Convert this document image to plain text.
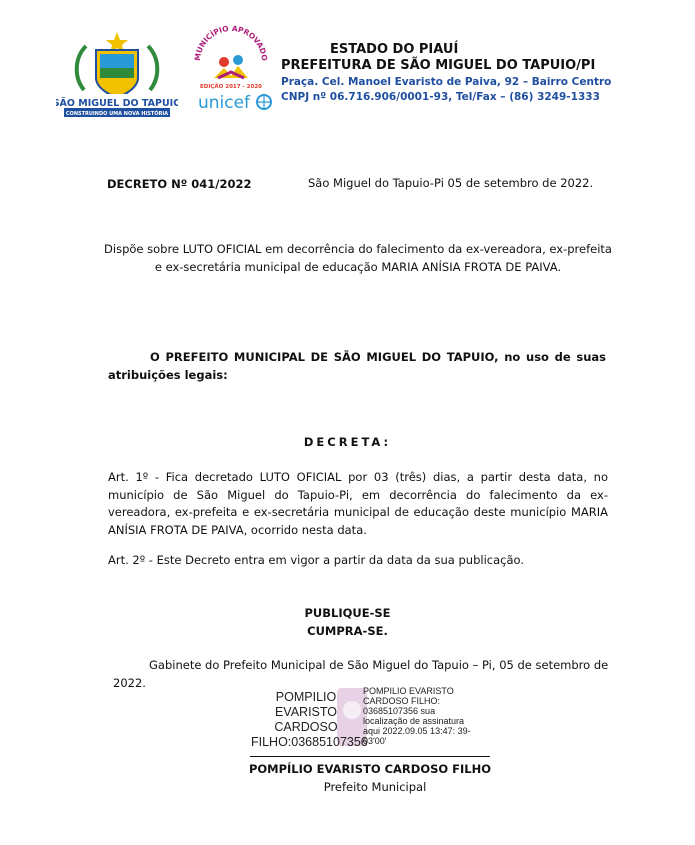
SÃO MIGUEL DO TAPUIO
CONSTRUINDO UMA NOVA HISTÓRIA
MUNICÍPIO APROVADO
EDIÇÃO 2017 - 2020
unicef
ESTADO DO PIAUÍ
PREFEITURA DE SÃO MIGUEL DO TAPUIO/PI
Praça. Cel. Manoel Evaristo de Paiva, 92 – Bairro Centro
CNPJ nº 06.716.906/0001-93, Tel/Fax – (86) 3249-1333
DECRETO Nº 041/2022	São Miguel do Tapuio-Pi 05 de setembro de 2022.
Dispõe sobre LUTO OFICIAL em decorrência do falecimento da ex-vereadora, ex-prefeita e ex-secretária municipal de educação MARIA ANÍSIA FROTA DE PAIVA.
O PREFEITO MUNICIPAL DE SÃO MIGUEL DO TAPUIO, no uso de suas atribuições legais:
DECRETA:
Art. 1º - Fica decretado LUTO OFICIAL por 03 (três) dias, a partir desta data, no município de São Miguel do Tapuio-Pi, em decorrência do falecimento da ex-vereadora, ex-prefeita e ex-secretária municipal de educação deste município MARIA ANÍSIA FROTA DE PAIVA, ocorrido nesta data.
Art. 2º - Este Decreto entra em vigor a partir da data da sua publicação.
PUBLIQUE-SE
CUMPRA-SE.
Gabinete do Prefeito Municipal de São Miguel do Tapuio – Pi, 05 de setembro de 2022.
POMPILIO EVARISTO CARDOSO FILHO:03685107356
POMPILIO EVARISTO CARDOSO FILHO: 03685107356 sua localização de assinatura aqui 2022.09.05 13:47: 39-03'00'
POMPÍLIO EVARISTO CARDOSO FILHO
Prefeito Municipal
